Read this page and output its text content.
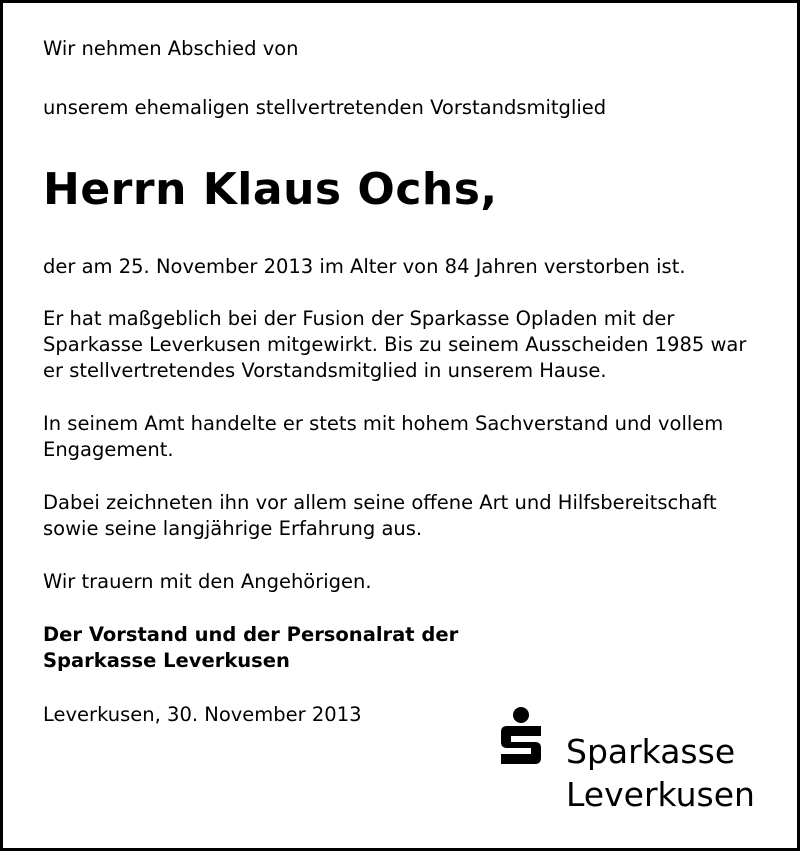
Wir nehmen Abschied von

unserem ehemaligen stellvertretenden Vorstandsmitglied

Herrn Klaus Ochs,

der am 25. November 2013 im Alter von 84 Jahren verstorben ist.

Er hat maßgeblich bei der Fusion der Sparkasse Opladen mit der

Sparkasse Leverkusen mitgewirkt. Bis zu seinem Ausscheiden 1985 war

er stellvertretendes Vorstandsmitglied in unserem Hause.

In seinem Amt handelte er stets mit hohem Sachverstand und vollem

Engagement.

Dabei zeichneten ihn vor allem seine offene Art und Hilfsbereitschaft

sowie seine langjährige Erfahrung aus.

Wir trauern mit den Angehörigen.

Der Vorstand und der Personalrat der

Sparkasse Leverkusen

Leverkusen, 30. November 2013

Sparkasse
Leverkusen
